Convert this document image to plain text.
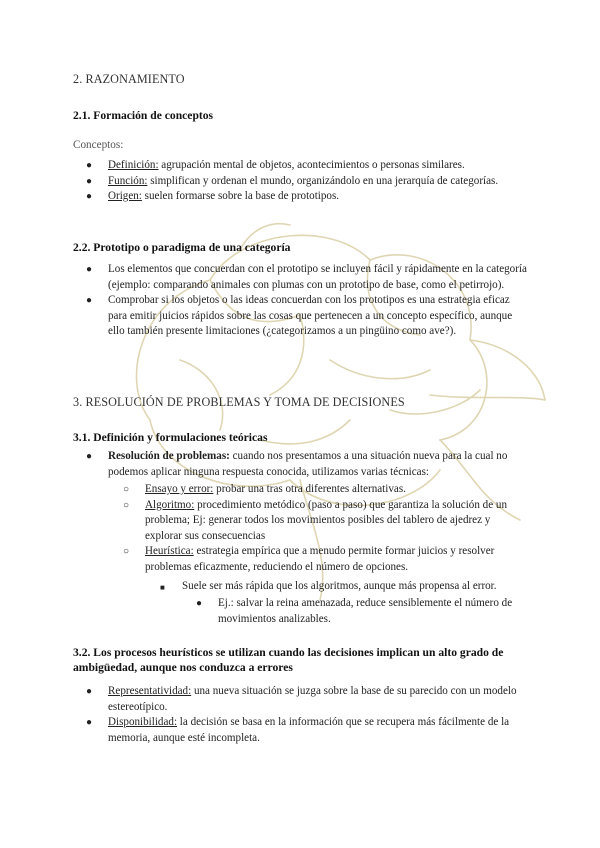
2. RAZONAMIENTO
2.1. Formación de conceptos
Conceptos:
● Definición: agrupación mental de objetos, acontecimientos o personas similares.
● Función: simplifican y ordenan el mundo, organizándolo en una jerarquía de categorías.
● Origen: suelen formarse sobre la base de prototipos.
2.2. Prototipo o paradigma de una categoría
● Los elementos que concuerdan con el prototipo se incluyen fácil y rápidamente en la categoría (ejemplo: comparando animales con plumas con un prototipo de base, como el petirrojo).
● Comprobar si los objetos o las ideas concuerdan con los prototipos es una estrategia eficaz para emitir juicios rápidos sobre las cosas que pertenecen a un concepto específico, aunque ello también presente limitaciones (¿categorizamos a un pingüino como ave?).
3. RESOLUCIÓN DE PROBLEMAS Y TOMA DE DECISIONES
3.1. Definición y formulaciones teóricas
● Resolución de problemas: cuando nos presentamos a una situación nueva para la cual no podemos aplicar ninguna respuesta conocida, utilizamos varias técnicas:
○ Ensayo y error: probar una tras otra diferentes alternativas.
○ Algoritmo: procedimiento metódico (paso a paso) que garantiza la solución de un problema; Ej: generar todos los movimientos posibles del tablero de ajedrez y explorar sus consecuencias
○ Heurística: estrategia empírica que a menudo permite formar juicios y resolver problemas eficazmente, reduciendo el número de opciones.
■ Suele ser más rápida que los algoritmos, aunque más propensa al error.
● Ej.: salvar la reina amenazada, reduce sensiblemente el número de movimientos analizables.
3.2. Los procesos heurísticos se utilizan cuando las decisiones implican un alto grado de ambigüedad, aunque nos conduzca a errores
● Representatividad: una nueva situación se juzga sobre la base de su parecido con un modelo estereotípico.
● Disponibilidad: la decisión se basa en la información que se recupera más fácilmente de la memoria, aunque esté incompleta.
